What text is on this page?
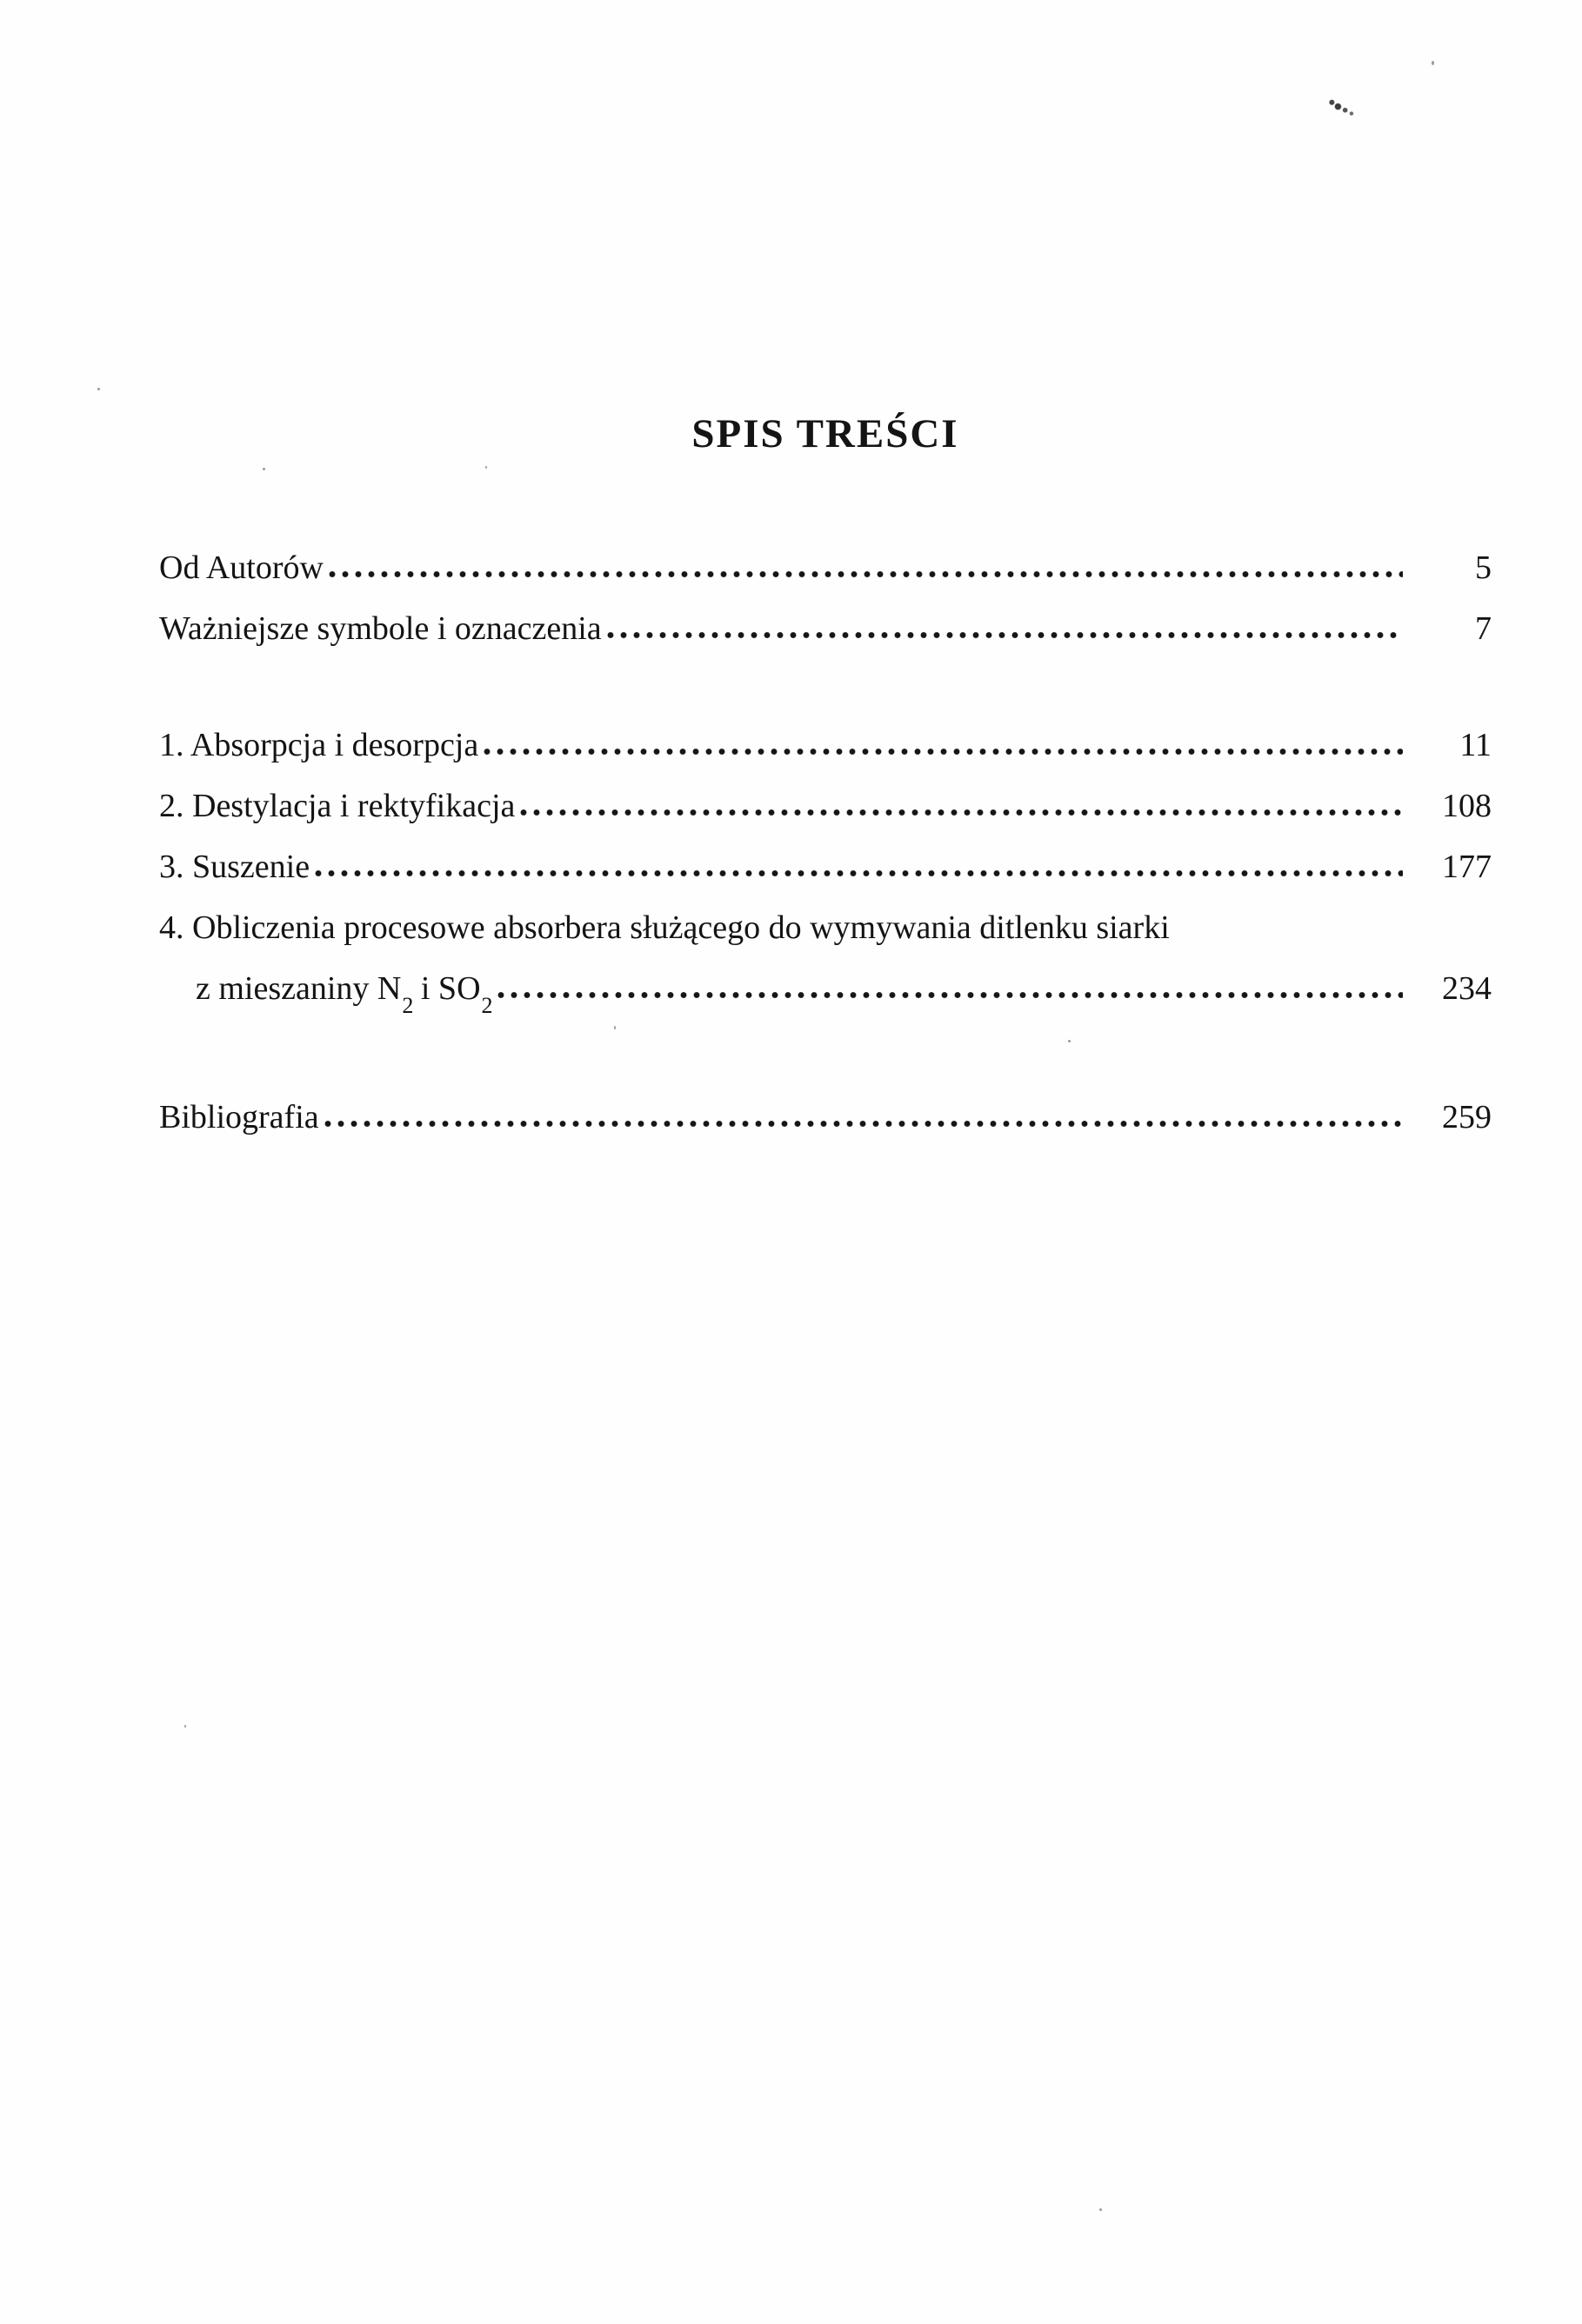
SPIS TREŚCI
Od Autorów	5
Ważniejsze symbole i oznaczenia	7
1. Absorpcja i desorpcja	11
2. Destylacja i rektyfikacja	108
3. Suszenie	177
4. Obliczenia procesowe absorbera służącego do wymywania ditlenku siarki
z mieszaniny $N_2$ i $SO_2$	234
Bibliografia	259
